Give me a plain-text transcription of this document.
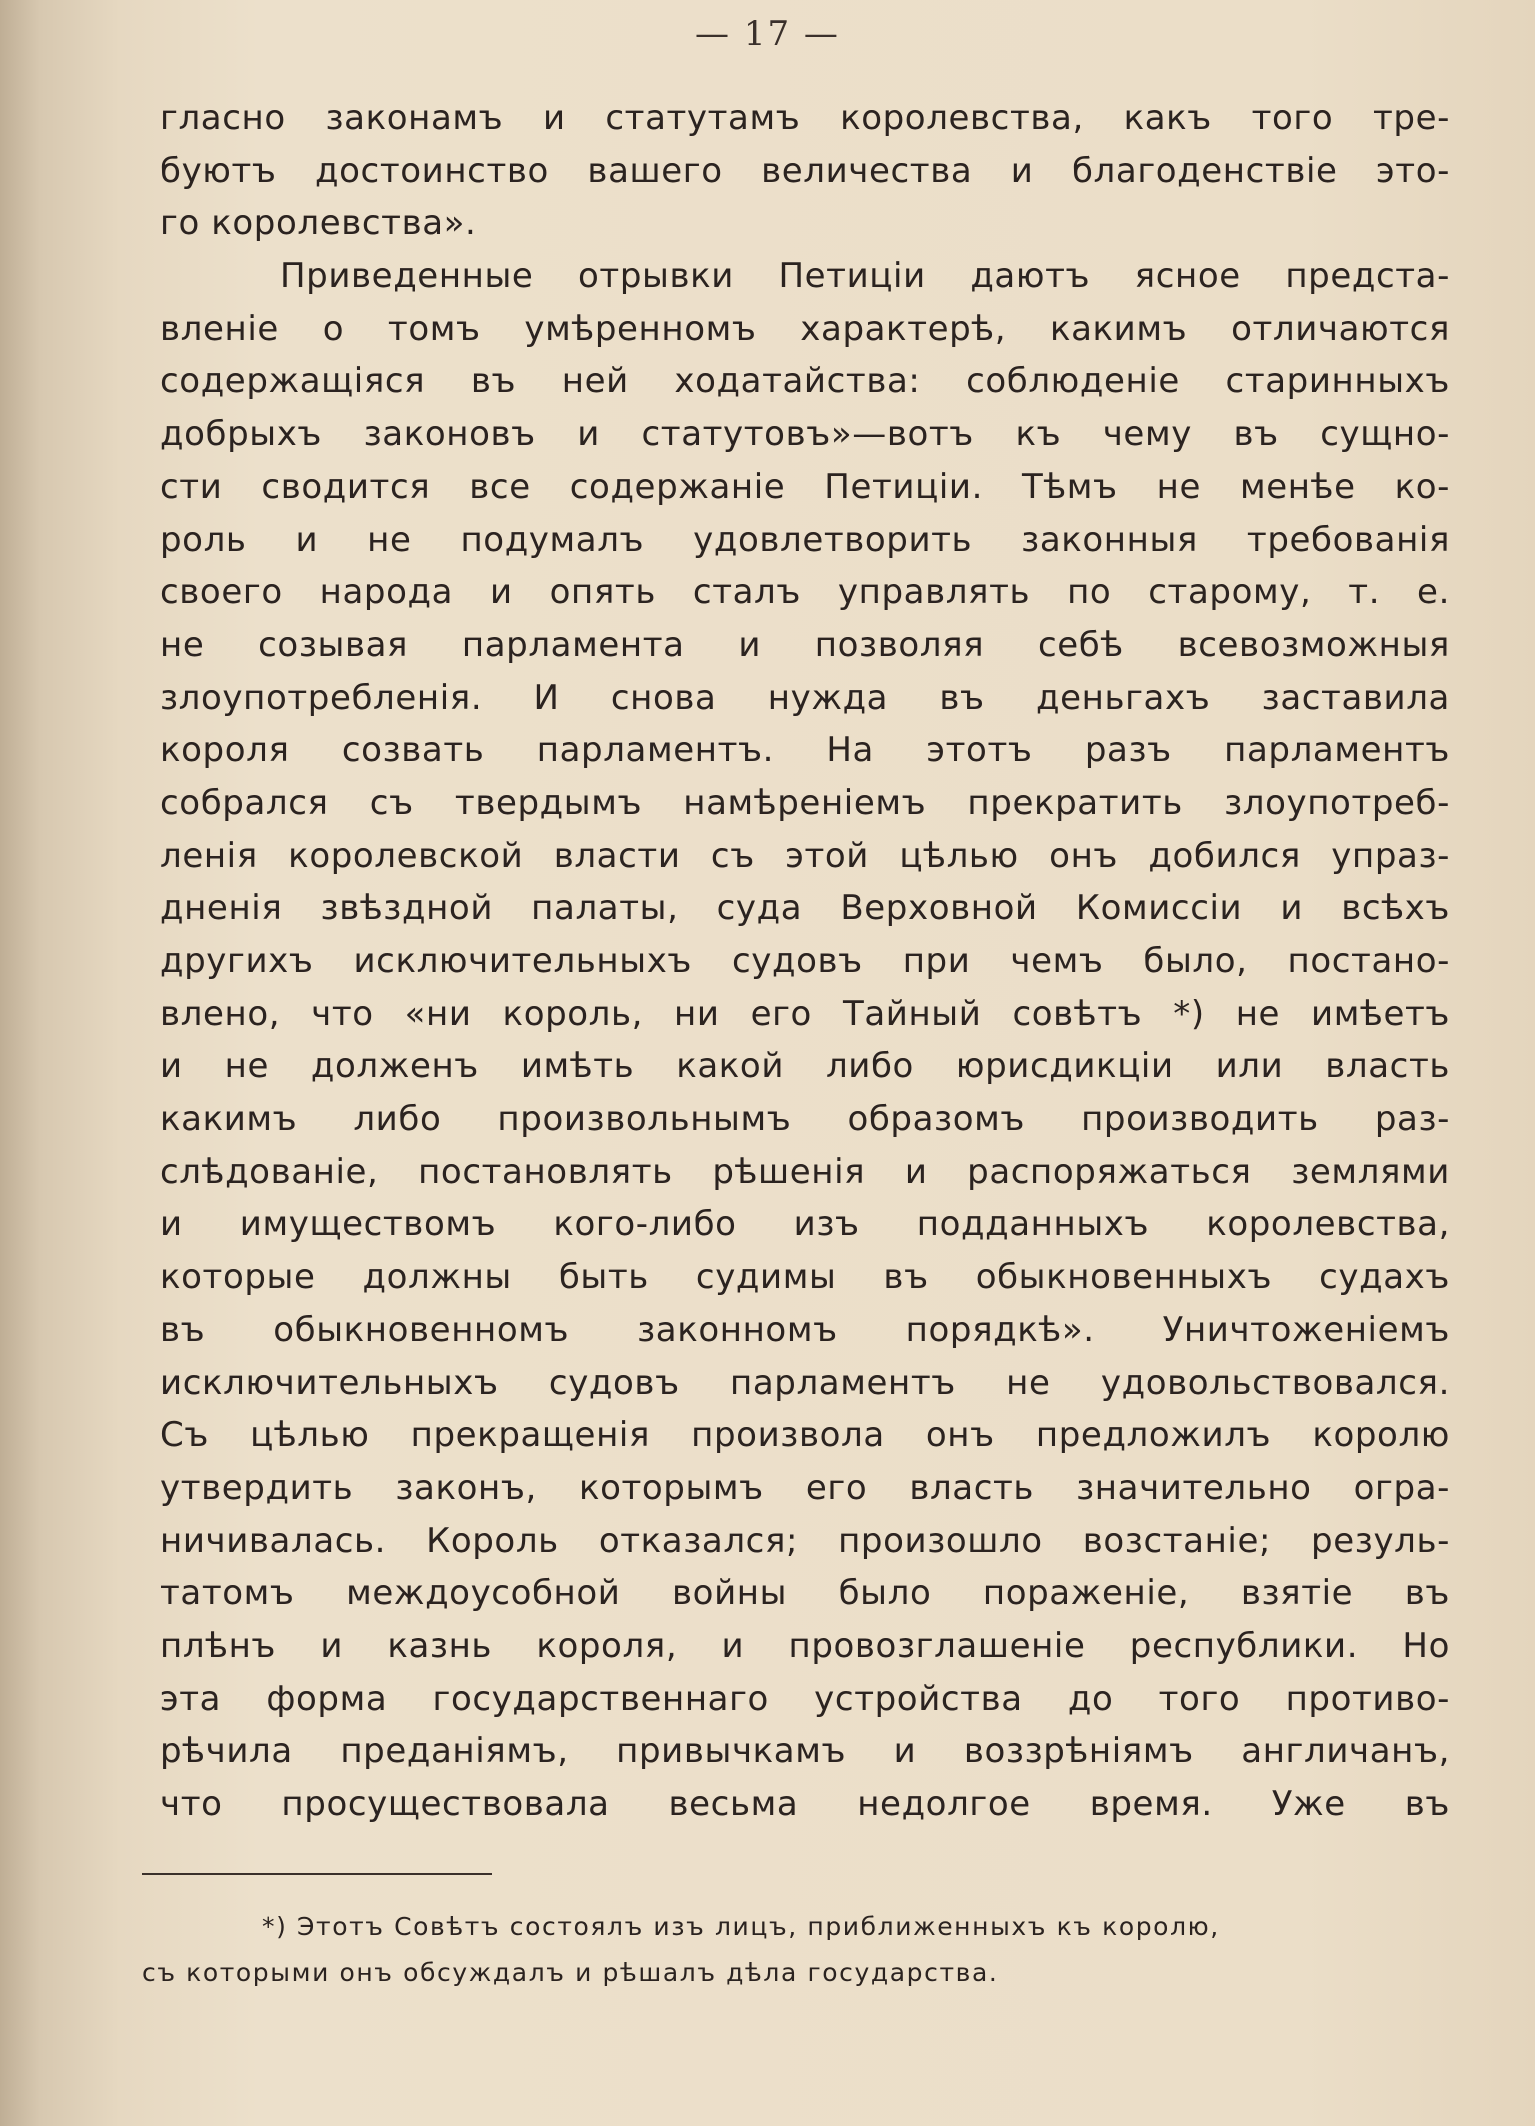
— 17 —
гласно законамъ и статутамъ королевства, какъ того тре-
буютъ достоинство вашего величества и благоденствіе это-
го королевства».
Приведенные отрывки Петиціи даютъ ясное предста-
вленіе о томъ умѣренномъ характерѣ, какимъ отличаются
содержащіяся въ ней ходатайства: соблюденіе старинныхъ
добрыхъ законовъ и статутовъ»—вотъ къ чему въ сущно-
сти сводится все содержаніе Петиціи. Тѣмъ не менѣе ко-
роль и не подумалъ удовлетворить законныя требованія
своего народа и опять сталъ управлять по старому, т. е.
не созывая парламента и позволяя себѣ всевозможныя
злоупотребленія. И снова нужда въ деньгахъ заставила
короля созвать парламентъ. На этотъ разъ парламентъ
собрался съ твердымъ намѣреніемъ прекратить злоупотреб-
ленія королевской власти съ этой цѣлью онъ добился упраз-
дненія звѣздной палаты, суда Верховной Комиссіи и всѣхъ
другихъ исключительныхъ судовъ при чемъ было, постано-
влено, что «ни король, ни его Тайный совѣтъ *) не имѣетъ
и не долженъ имѣть какой либо юрисдикціи или власть
какимъ либо произвольнымъ образомъ производить раз-
слѣдованіе, постановлять рѣшенія и распоряжаться землями
и имуществомъ кого-либо изъ подданныхъ королевства,
которые должны быть судимы въ обыкновенныхъ судахъ
въ обыкновенномъ законномъ порядкѣ». Уничтоженіемъ
исключительныхъ судовъ парламентъ не удовольствовался.
Съ цѣлью прекращенія произвола онъ предложилъ королю
утвердить законъ, которымъ его власть значительно огра-
ничивалась. Король отказался; произошло возстаніе; резуль-
татомъ междоусобной войны было пораженіе, взятіе въ
плѣнъ и казнь короля, и провозглашеніе республики. Но
эта форма государственнаго устройства до того противо-
рѣчила преданіямъ, привычкамъ и воззрѣніямъ англичанъ,
что просуществовала весьма недолгое время. Уже въ
*) Этотъ Совѣтъ состоялъ изъ лицъ, приближенныхъ къ королю,
съ которыми онъ обсуждалъ и рѣшалъ дѣла государства.
